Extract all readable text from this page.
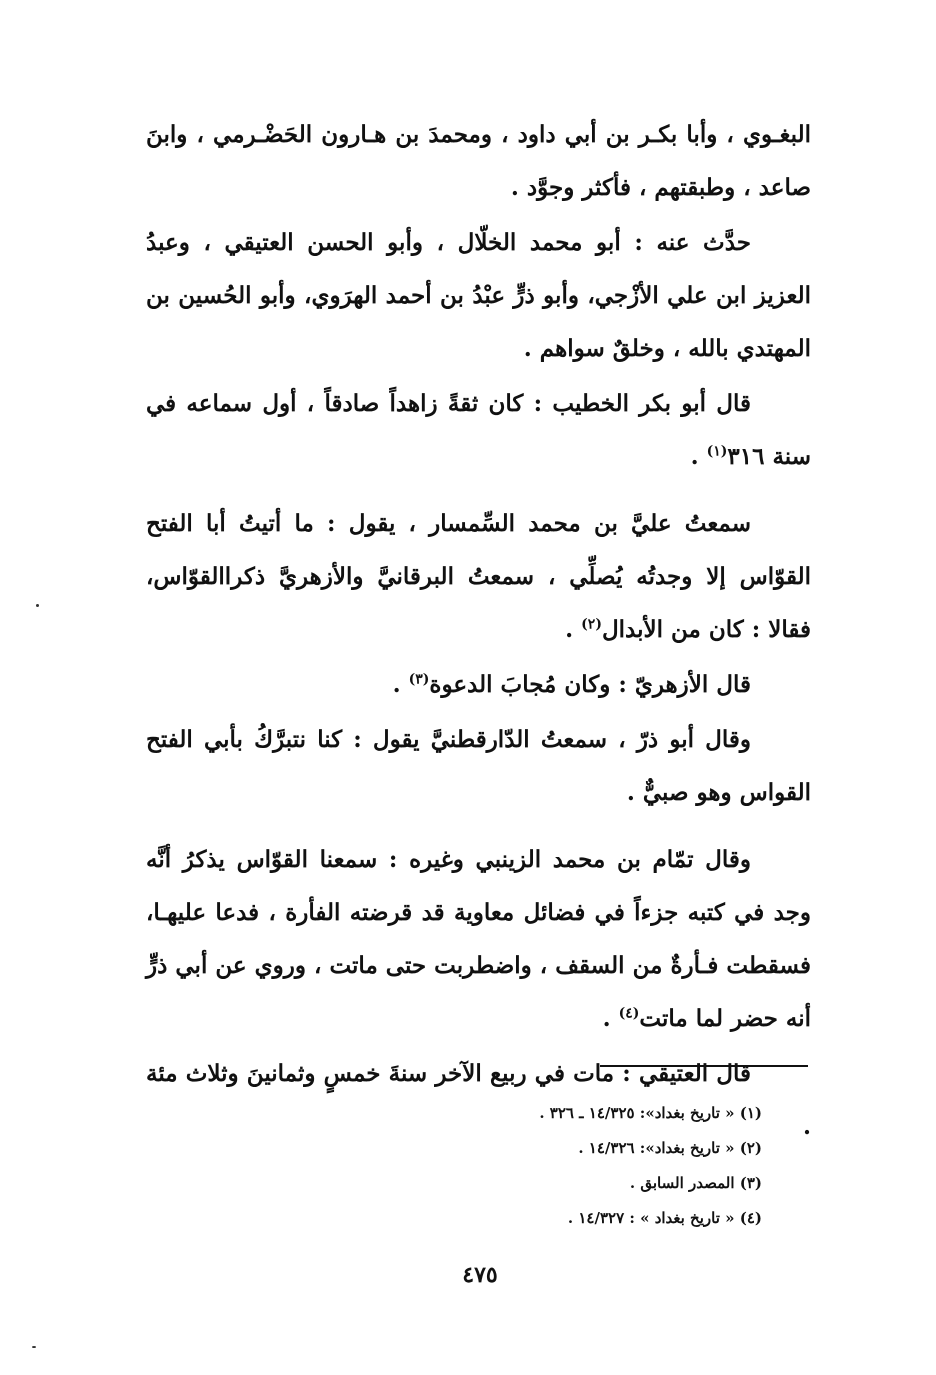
البغـوي ، وأبا بكـر بن أبي داود ، ومحمدَ بن هـارون الحَضْـرمي ، وابنَ صاعد ، وطبقتهم ، فأكثر وجوَّد .

حدَّث عنه : أبو محمد الخلّال ، وأبو الحسن العتيقي ، وعبدُ العزيز ابن علي الأزْجي، وأبو ذرٍّ عبْدُ بن أحمد الهرَوي، وأبو الحُسين بن المهتدي بالله ، وخلقٌ سواهم .

قال أبو بكر الخطيب : كان ثقةً زاهداً صادقاً ، أول سماعه في سنة ٣١٦$^{(١)}$ .

سمعتُ عليَّ بن محمد السِّمسار ، يقول : ما أتيتُ أبا الفتح القوّاس إلا وجدتُه يُصلِّي ، سمعتُ البرقانيَّ والأزهريَّ ذكراالقوّاس، فقالا : كان من الأبدال$^{(٢)}$ .

قال الأزهريّ : وكان مُجابَ الدعوة$^{(٣)}$ .

وقال أبو ذرّ ، سمعتُ الدّارقطنيَّ يقول : كنا نتبرَّكُ بأبي الفتح القواس وهو صبيٌّ .

وقال تمّام بن محمد الزينبي وغيره : سمعنا القوّاس يذكرُ أنَّه وجد في كتبه جزءاً في فضائل معاوية قد قرضته الفأرة ، فدعا عليهـا، فسقطت فـأرةٌ من السقف ، واضطربت حتى ماتت ، وروي عن أبي ذرٍّ أنه حضر لما ماتت$^{(٤)}$ .

قال العتيقي : مات في ربيع الآخر سنةَ خمسٍ وثمانينَ وثلاث مئة .

(١) « تاريخ بغداد»: ١٤/٣٢٥ ـ ٣٢٦ .

(٢) « تاريخ بغداد»: ١٤/٣٢٦ .

(٣) المصدر السابق .

(٤) « تاريخ بغداد » : ١٤/٣٢٧ .

٤٧٥
